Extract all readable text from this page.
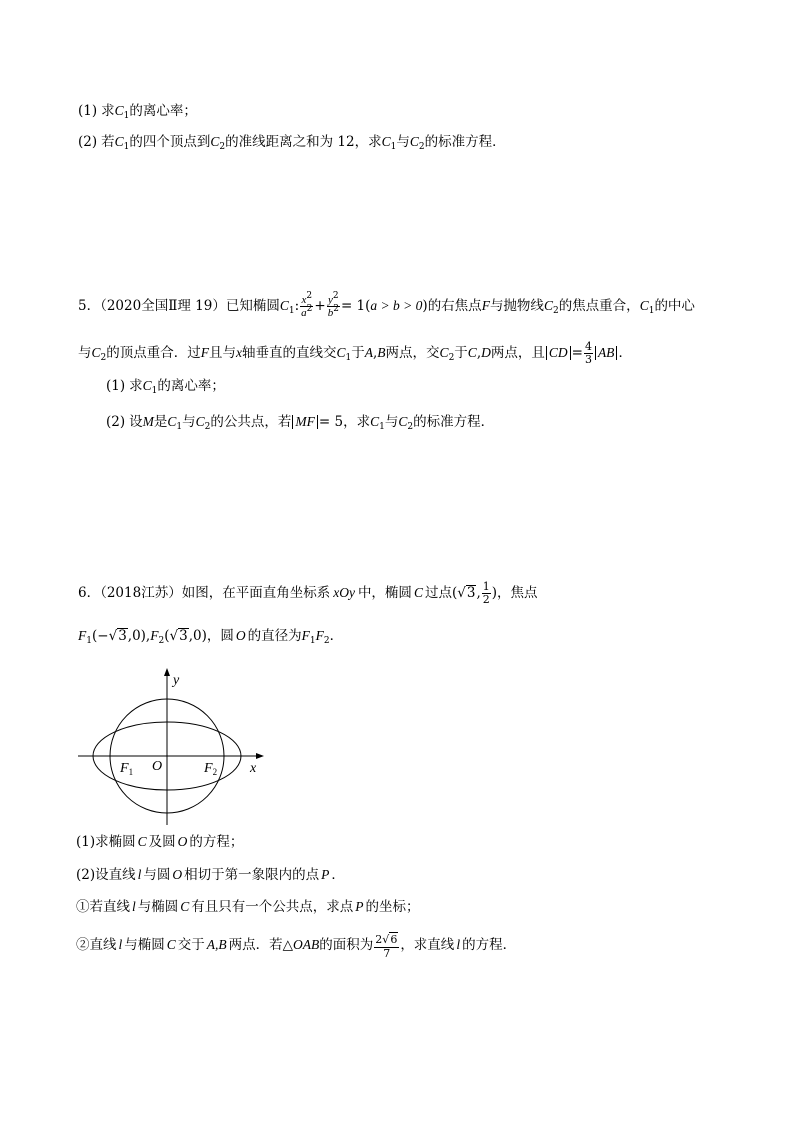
(1) 求$C_1$的离心率；
(2) 若$C_1$的四个顶点到$C_2$的准线距离之和为 12，求$C_1$与$C_2$的标准方程．
5．（2020全国Ⅱ理 19）已知椭圆$C_1$: $\frac{x^2}{a^2} + \frac{y^2}{b^2} = 1(a > b > 0)$的右焦点F与抛物线$C_2$的焦点重合，$C_1$的中心
与$C_2$的顶点重合．过F且与x轴垂直的直线交$C_1$于A,B两点，交$C_2$于C,D两点，且 CD = $\frac{4}{3}$ AB ．
(1) 求$C_1$的离心率；
(2) 设M是$C_1$与$C_2$的公共点，若 MF = 5，求$C_1$与$C_2$的标准方程．
6．（2018江苏）如图，在平面直角坐标系 xOy 中，椭圆 C 过点(√3, $\frac{1}{2}$ )，焦点
$F_1(-√3,0),F_2(√3,0)$，圆 O 的直径为$F_1F_2$．
y
x
O
$F_1$	$F_2$
(1)求椭圆 C 及圆 O 的方程；
(2)设直线 l 与圆 O 相切于第一象限内的点 P ．
①若直线 l 与椭圆 C 有且只有一个公共点，求点 P 的坐标；
②直线 l 与椭圆 C 交于 A,B 两点．若△OAB的面积为 $\frac{2√6}{7}$ ，求直线 l 的方程．
